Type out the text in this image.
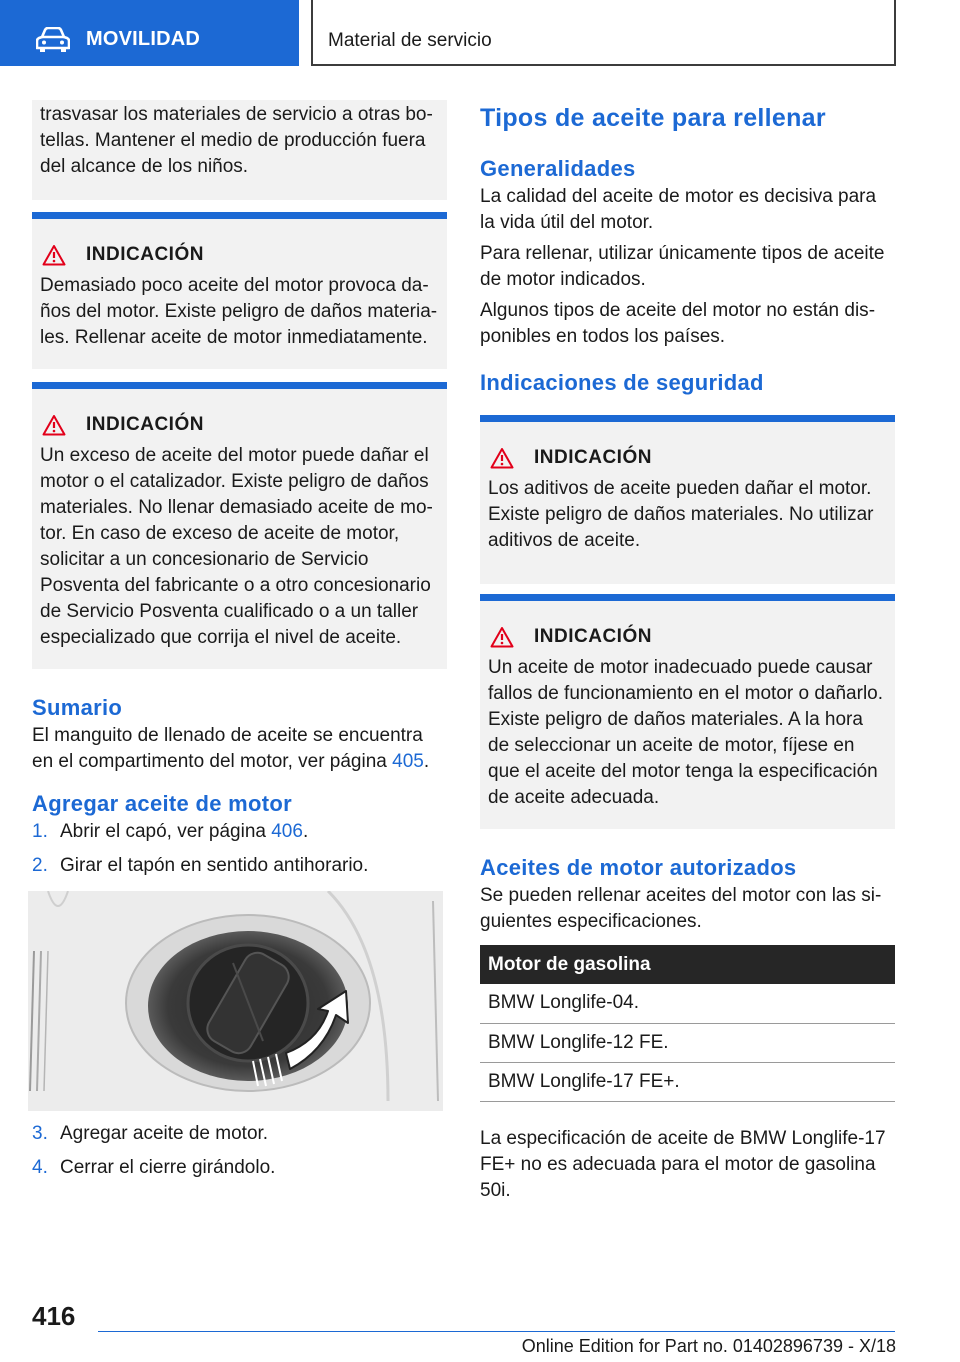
MOVILIDAD	Material de servicio

trasvasar los materiales de servicio a otras botellas. Mantener el medio de producción fuera del alcance de los niños.

INDICACIÓN

Demasiado poco aceite del motor provoca daños del motor. Existe peligro de daños materiales. Rellenar aceite de motor inmediatamente.

INDICACIÓN

Un exceso de aceite del motor puede dañar el motor o el catalizador. Existe peligro de daños materiales. No llenar demasiado aceite de motor. En caso de exceso de aceite de motor, solicitar a un concesionario de Servicio Posventa del fabricante o a otro concesionario de Servicio Posventa cualificado o a un taller especializado que corrija el nivel de aceite.

Sumario

El manguito de llenado de aceite se encuentra en el compartimento del motor, ver página 405.

Agregar aceite de motor
1. Abrir el capó, ver página 406.
2. Girar el tapón en sentido antihorario.
3. Agregar aceite de motor.
4. Cerrar el cierre girándolo.
Tipos de aceite para rellenar
Generalidades

La calidad del aceite de motor es decisiva para la vida útil del motor.

Para rellenar, utilizar únicamente tipos de aceite de motor indicados.

Algunos tipos de aceite del motor no están disponibles en todos los países.

Indicaciones de seguridad
INDICACIÓN

Los aditivos de aceite pueden dañar el motor. Existe peligro de daños materiales. No utilizar aditivos de aceite.

INDICACIÓN

Un aceite de motor inadecuado puede causar fallos de funcionamiento en el motor o dañarlo. Existe peligro de daños materiales. A la hora de seleccionar un aceite de motor, fíjese en que el aceite del motor tenga la especificación de aceite adecuada.

Aceites de motor autorizados

Se pueden rellenar aceites del motor con las siguientes especificaciones.

Motor de gasolina
BMW Longlife-04.
BMW Longlife-12 FE.
BMW Longlife-17 FE+.

La especificación de aceite de BMW Longlife-17 FE+ no es adecuada para el motor de gasolina 50i.

416
Online Edition for Part no. 01402896739 - X/18
